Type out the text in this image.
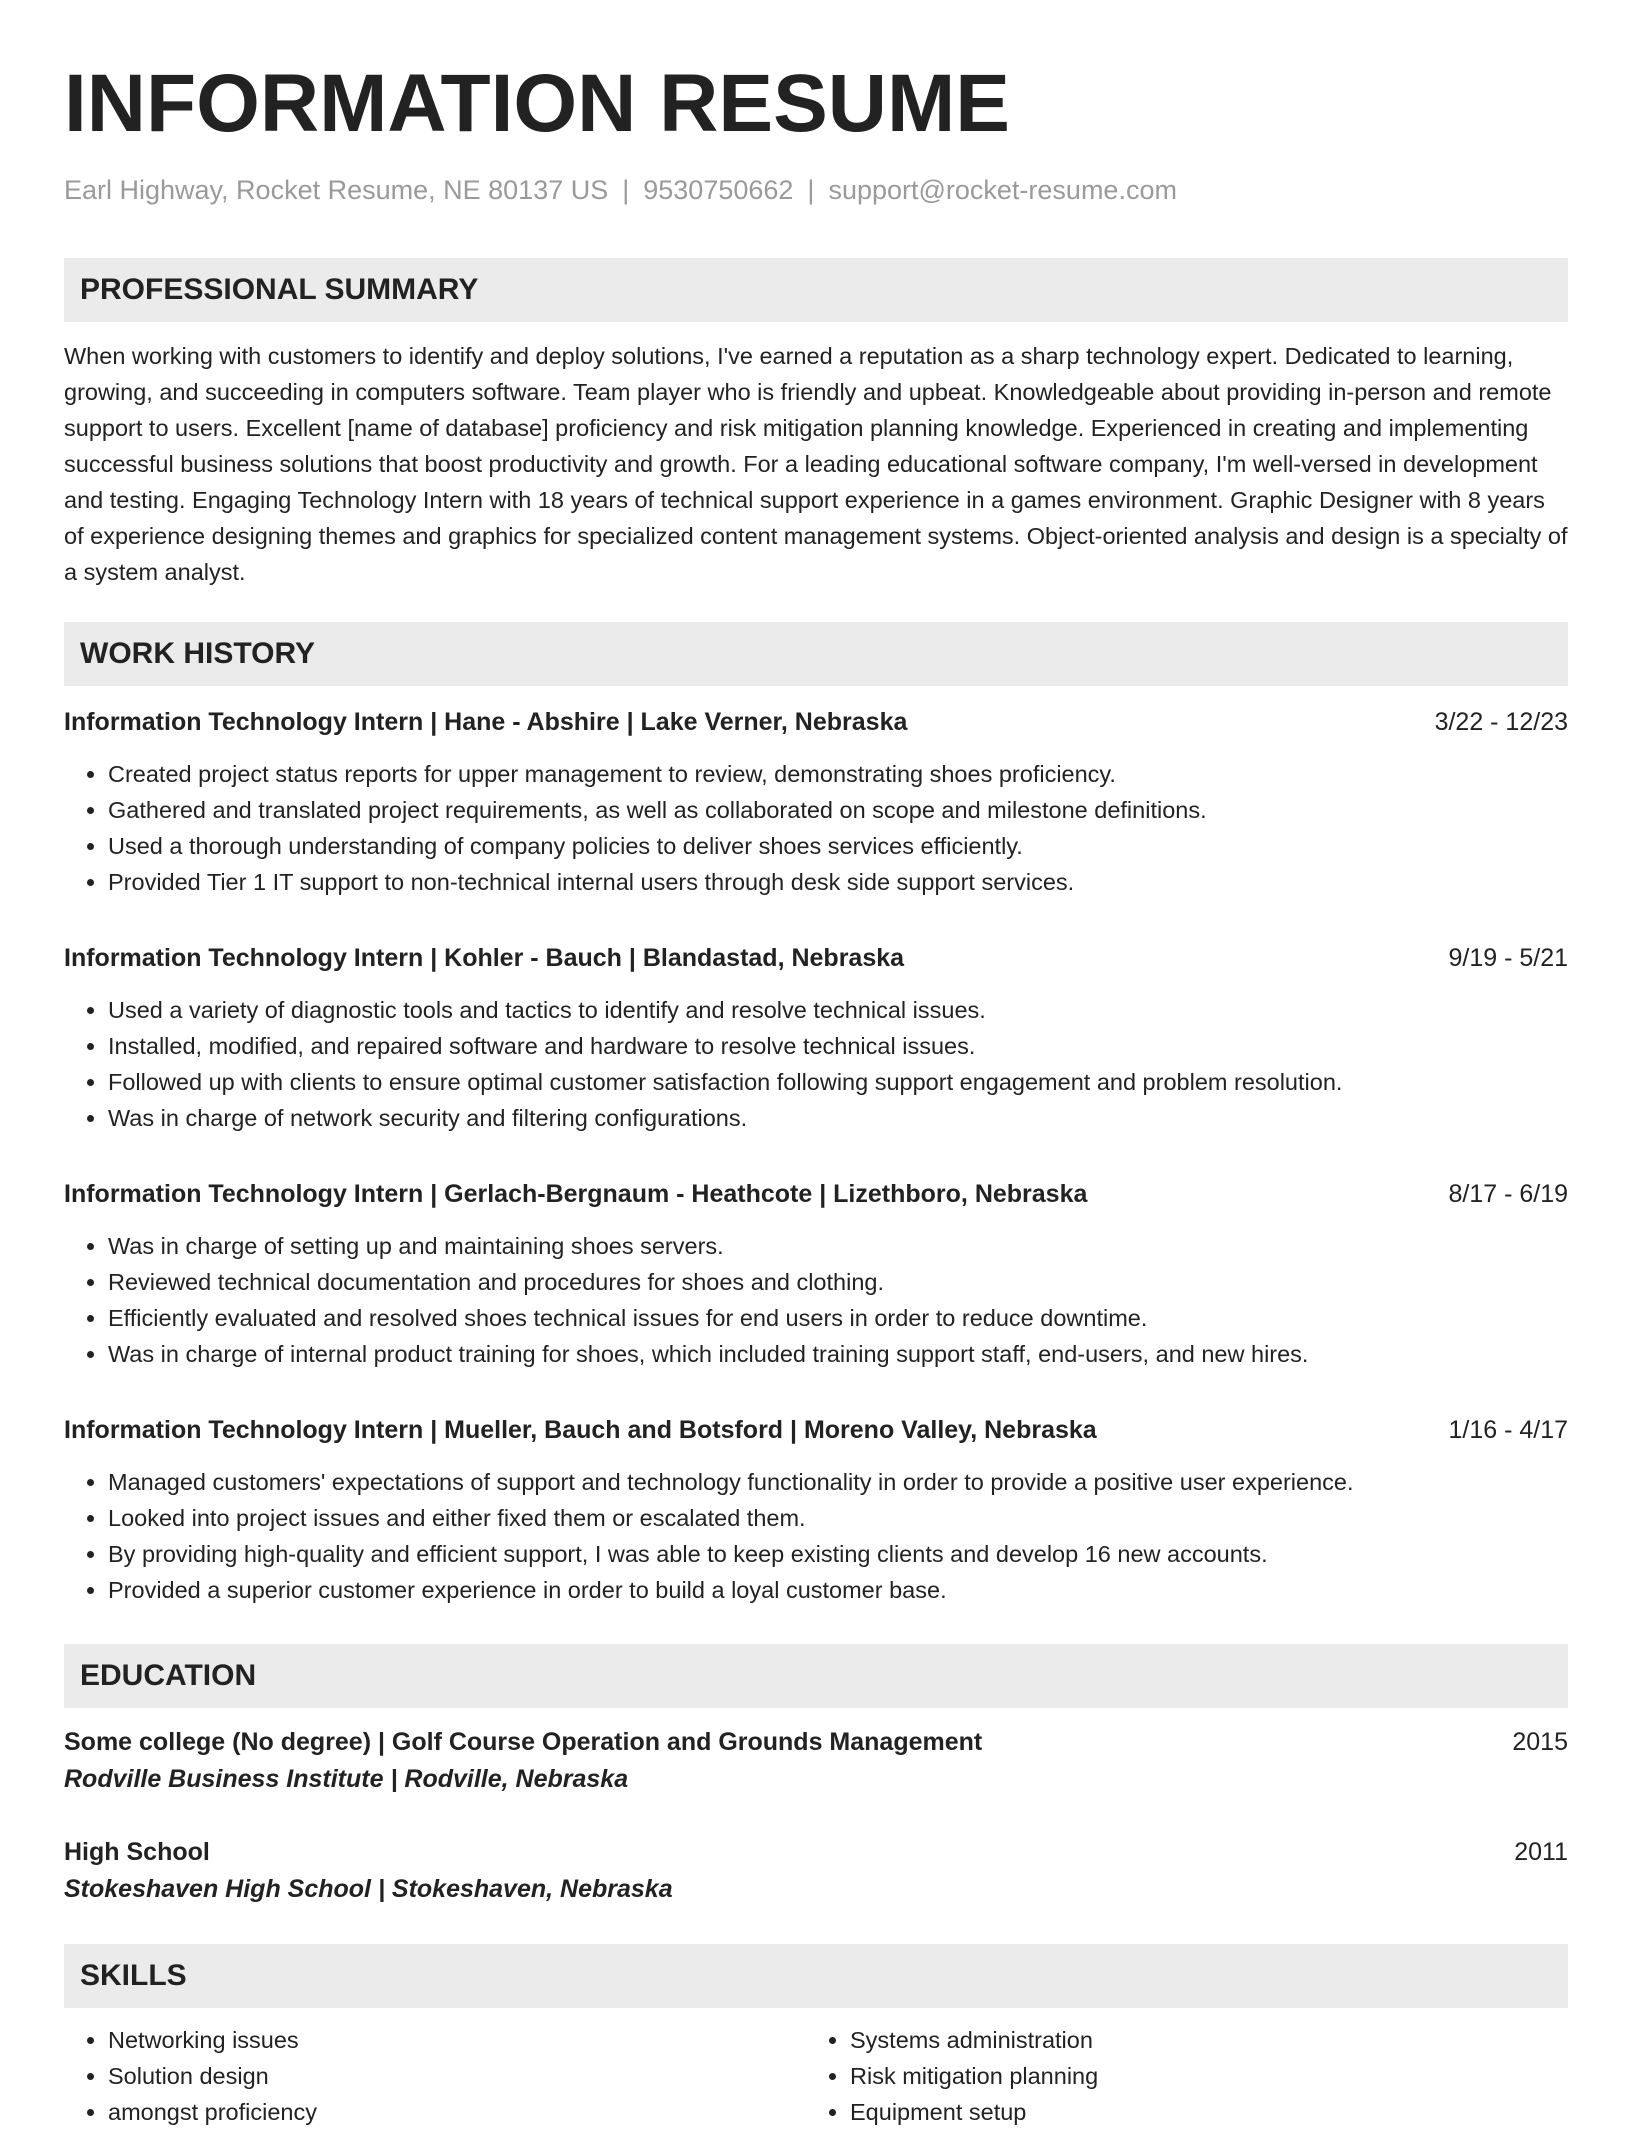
INFORMATION RESUME
Earl Highway, Rocket Resume, NE 80137 US | 9530750662 | support@rocket-resume.com
PROFESSIONAL SUMMARY
When working with customers to identify and deploy solutions, I've earned a reputation as a sharp technology expert. Dedicated to learning, growing, and succeeding in computers software. Team player who is friendly and upbeat. Knowledgeable about providing in-person and remote support to users. Excellent [name of database] proficiency and risk mitigation planning knowledge. Experienced in creating and implementing successful business solutions that boost productivity and growth. For a leading educational software company, I'm well-versed in development and testing. Engaging Technology Intern with 18 years of technical support experience in a games environment. Graphic Designer with 8 years of experience designing themes and graphics for specialized content management systems. Object-oriented analysis and design is a specialty of a system analyst.
WORK HISTORY
Information Technology Intern | Hane - Abshire | Lake Verner, Nebraska	3/22 - 12/23
• Created project status reports for upper management to review, demonstrating shoes proficiency.
• Gathered and translated project requirements, as well as collaborated on scope and milestone definitions.
• Used a thorough understanding of company policies to deliver shoes services efficiently.
• Provided Tier 1 IT support to non-technical internal users through desk side support services.
Information Technology Intern | Kohler - Bauch | Blandastad, Nebraska	9/19 - 5/21
• Used a variety of diagnostic tools and tactics to identify and resolve technical issues.
• Installed, modified, and repaired software and hardware to resolve technical issues.
• Followed up with clients to ensure optimal customer satisfaction following support engagement and problem resolution.
• Was in charge of network security and filtering configurations.
Information Technology Intern | Gerlach-Bergnaum - Heathcote | Lizethboro, Nebraska	8/17 - 6/19
• Was in charge of setting up and maintaining shoes servers.
• Reviewed technical documentation and procedures for shoes and clothing.
• Efficiently evaluated and resolved shoes technical issues for end users in order to reduce downtime.
• Was in charge of internal product training for shoes, which included training support staff, end-users, and new hires.
Information Technology Intern | Mueller, Bauch and Botsford | Moreno Valley, Nebraska	1/16 - 4/17
• Managed customers' expectations of support and technology functionality in order to provide a positive user experience.
• Looked into project issues and either fixed them or escalated them.
• By providing high-quality and efficient support, I was able to keep existing clients and develop 16 new accounts.
• Provided a superior customer experience in order to build a loyal customer base.
EDUCATION
Some college (No degree) | Golf Course Operation and Grounds Management	2015
Rodville Business Institute | Rodville, Nebraska
High School	2011
Stokeshaven High School | Stokeshaven, Nebraska
SKILLS
• Networking issues
• Solution design
• amongst proficiency
• Systems administration
• Risk mitigation planning
• Equipment setup
